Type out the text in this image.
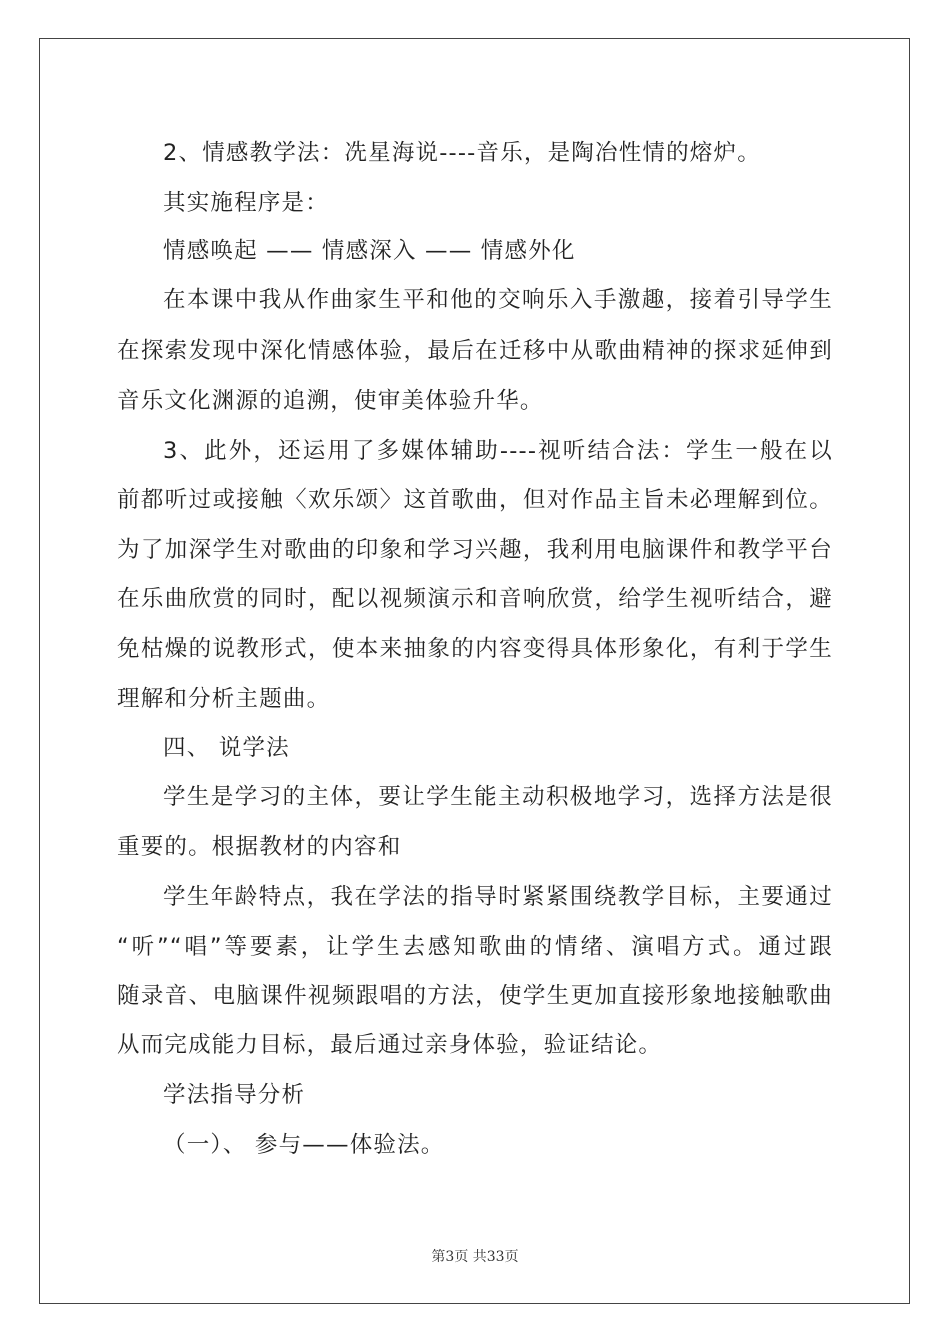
2、情感教学法：冼星海说----音乐，是陶冶性情的熔炉。
其实施程序是：
情感唤起 —— 情感深入 —— 情感外化
在本课中我从作曲家生平和他的交响乐入手激趣，接着引导学生
在探索发现中深化情感体验，最后在迁移中从歌曲精神的探求延伸到
音乐文化渊源的追溯，使审美体验升华。
3、此外，还运用了多媒体辅助----视听结合法：学生一般在以
前都听过或接触〈欢乐颂〉这首歌曲，但对作品主旨未必理解到位。
为了加深学生对歌曲的印象和学习兴趣，我利用电脑课件和教学平台
在乐曲欣赏的同时，配以视频演示和音响欣赏，给学生视听结合，避
免枯燥的说教形式，使本来抽象的内容变得具体形象化，有利于学生
理解和分析主题曲。
四、 说学法
学生是学习的主体，要让学生能主动积极地学习，选择方法是很
重要的。根据教材的内容和
学生年龄特点，我在学法的指导时紧紧围绕教学目标，主要通过
“听”“唱”等要素，让学生去感知歌曲的情绪、演唱方式。通过跟
随录音、电脑课件视频跟唱的方法，使学生更加直接形象地接触歌曲
从而完成能力目标，最后通过亲身体验，验证结论。
学法指导分析
（一）、 参与——体验法。
第3页 共33页
